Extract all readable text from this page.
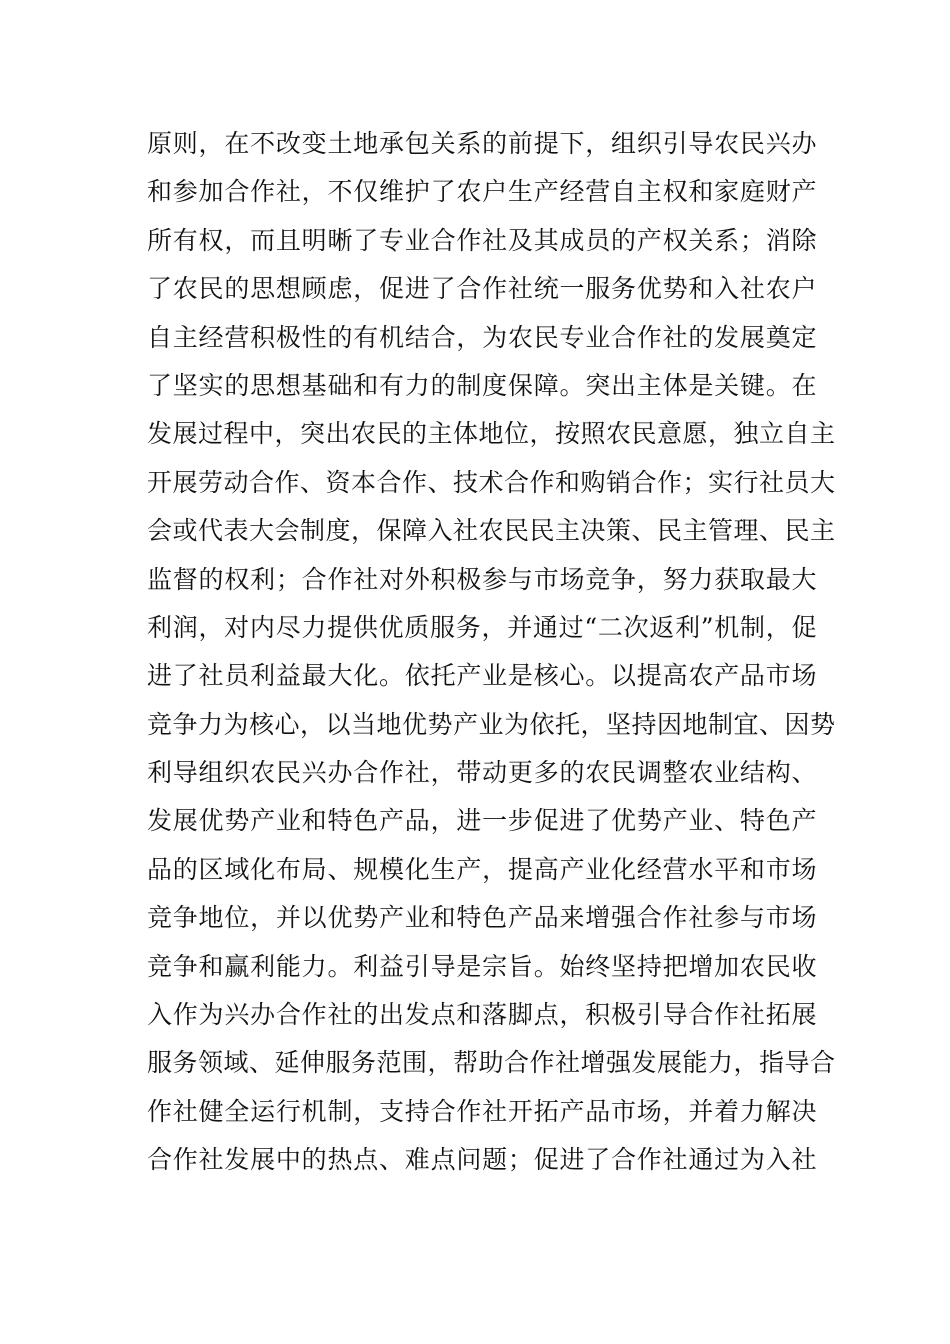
原则，在不改变土地承包关系的前提下，组织引导农民兴办
和参加合作社，不仅维护了农户生产经营自主权和家庭财产
所有权，而且明晰了专业合作社及其成员的产权关系；消除
了农民的思想顾虑，促进了合作社统一服务优势和入社农户
自主经营积极性的有机结合，为农民专业合作社的发展奠定
了坚实的思想基础和有力的制度保障。突出主体是关键。在
发展过程中，突出农民的主体地位，按照农民意愿，独立自主
开展劳动合作、资本合作、技术合作和购销合作；实行社员大
会或代表大会制度，保障入社农民民主决策、民主管理、民主
监督的权利；合作社对外积极参与市场竞争，努力获取最大
利润，对内尽力提供优质服务，并通过“二次返利”机制，促
进了社员利益最大化。依托产业是核心。以提高农产品市场
竞争力为核心，以当地优势产业为依托，坚持因地制宜、因势
利导组织农民兴办合作社，带动更多的农民调整农业结构、
发展优势产业和特色产品，进一步促进了优势产业、特色产
品的区域化布局、规模化生产，提高产业化经营水平和市场
竞争地位，并以优势产业和特色产品来增强合作社参与市场
竞争和赢利能力。利益引导是宗旨。始终坚持把增加农民收
入作为兴办合作社的出发点和落脚点，积极引导合作社拓展
服务领域、延伸服务范围，帮助合作社增强发展能力，指导合
作社健全运行机制，支持合作社开拓产品市场，并着力解决
合作社发展中的热点、难点问题；促进了合作社通过为入社
